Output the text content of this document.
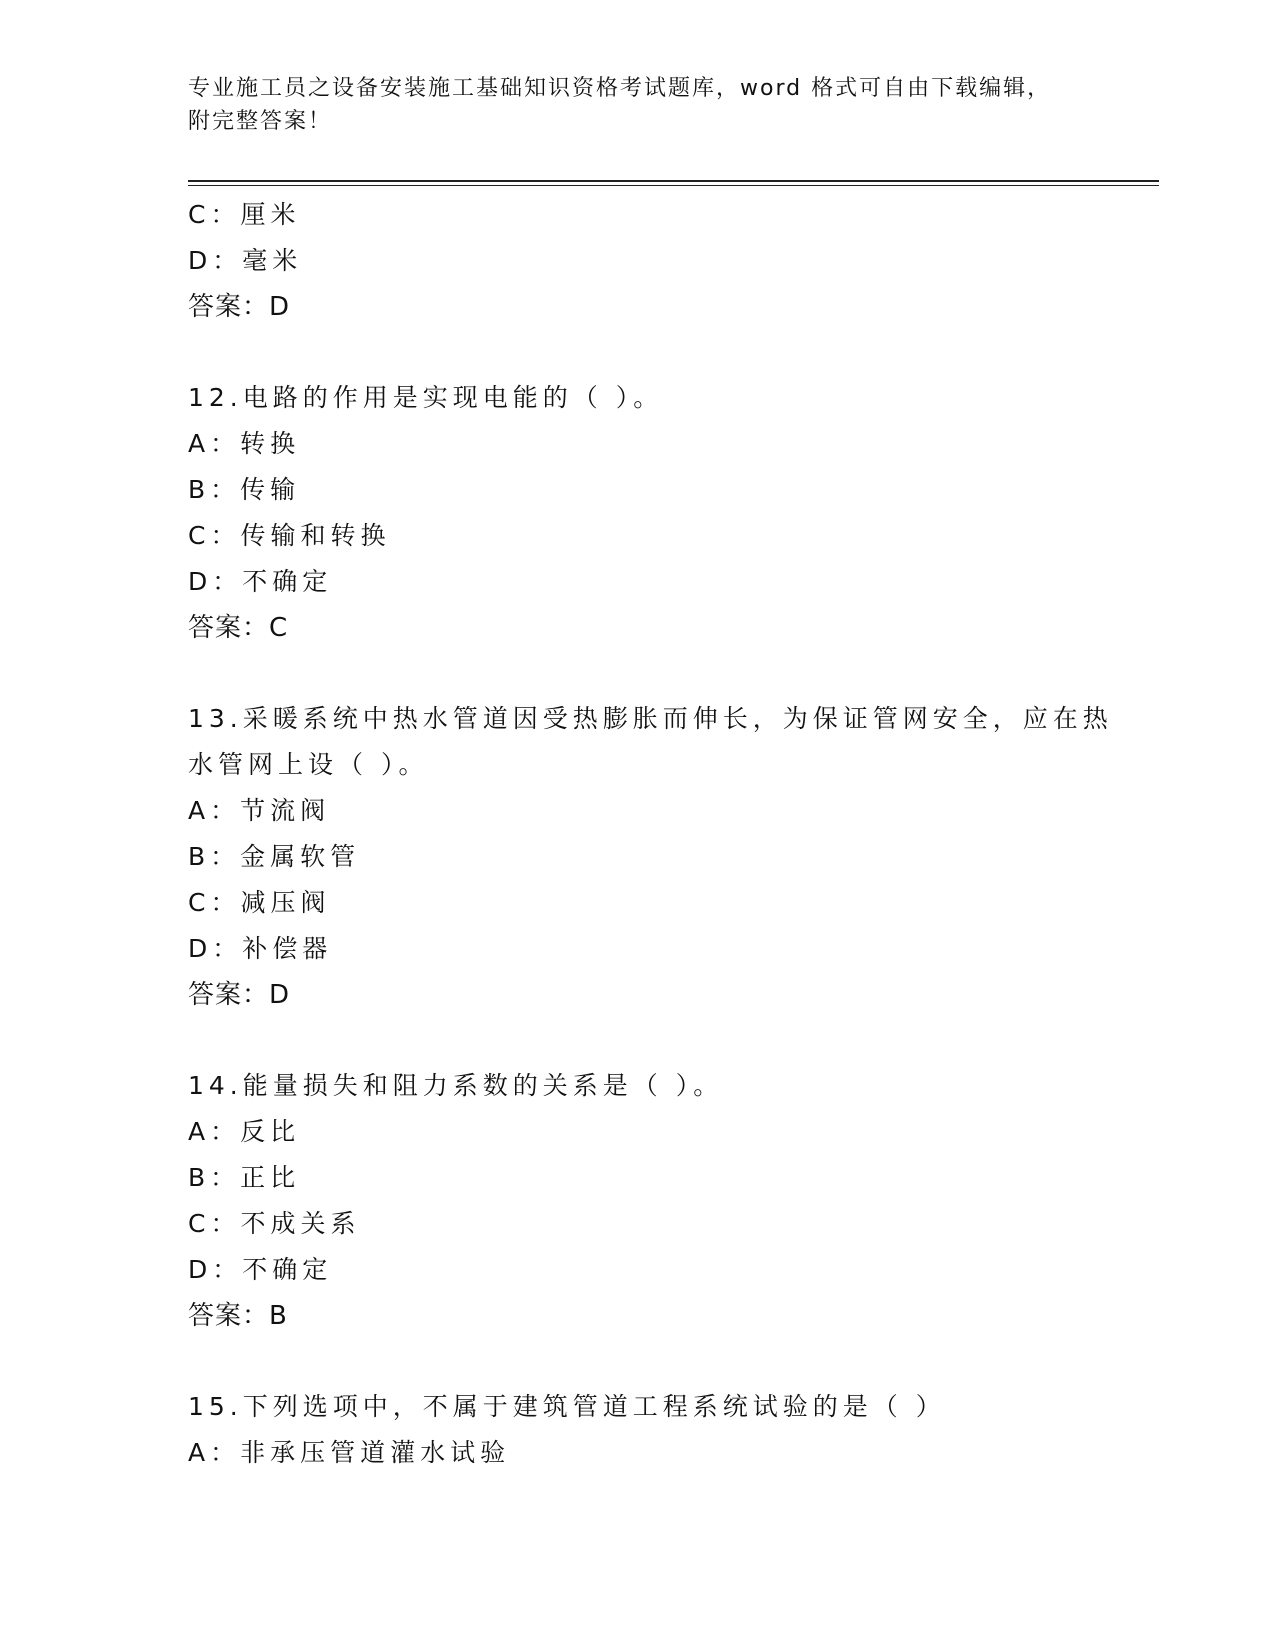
专业施工员之设备安装施工基础知识资格考试题库，word 格式可自由下载编辑，
附完整答案！
C：厘米
D：毫米
答案：D
12.电路的作用是实现电能的（ ）。
A：转换
B：传输
C：传输和转换
D：不确定
答案：C
13.采暖系统中热水管道因受热膨胀而伸长，为保证管网安全，应在热
水管网上设（ ）。
A：节流阀
B：金属软管
C：减压阀
D：补偿器
答案：D
14.能量损失和阻力系数的关系是（ ）。
A：反比
B：正比
C：不成关系
D：不确定
答案：B
15.下列选项中，不属于建筑管道工程系统试验的是（ ）
A：非承压管道灌水试验
